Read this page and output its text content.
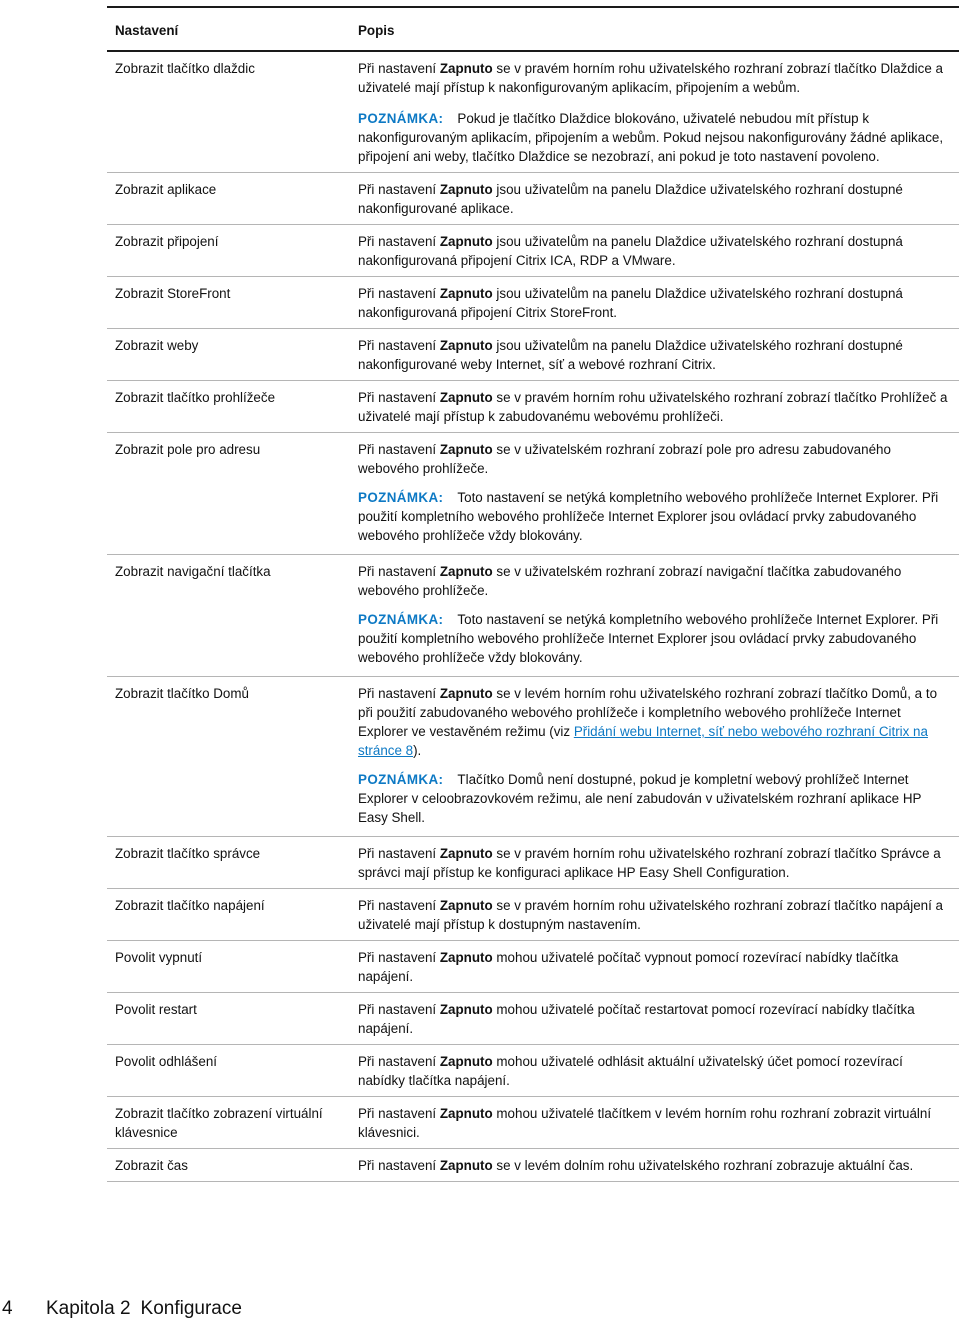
Nastavení	Popis
Zobrazit tlačítko dlaždic	Při nastavení Zapnuto se v pravém horním rohu uživatelského rozhraní zobrazí tlačítko Dlaždice a uživatelé mají přístup k nakonfigurovaným aplikacím, připojením a webům.

POZNÁMKA: Pokud je tlačítko Dlaždice blokováno, uživatelé nebudou mít přístup k nakonfigurovaným aplikacím, připojením a webům. Pokud nejsou nakonfigurovány žádné aplikace, připojení ani weby, tlačítko Dlaždice se nezobrazí, ani pokud je toto nastavení povoleno.

Zobrazit aplikace	Při nastavení Zapnuto jsou uživatelům na panelu Dlaždice uživatelského rozhraní dostupné nakonfigurované aplikace.

Zobrazit připojení	Při nastavení Zapnuto jsou uživatelům na panelu Dlaždice uživatelského rozhraní dostupná nakonfigurovaná připojení Citrix ICA, RDP a VMware.

Zobrazit StoreFront	Při nastavení Zapnuto jsou uživatelům na panelu Dlaždice uživatelského rozhraní dostupná nakonfigurovaná připojení Citrix StoreFront.

Zobrazit weby	Při nastavení Zapnuto jsou uživatelům na panelu Dlaždice uživatelského rozhraní dostupné nakonfigurované weby Internet, síť a webové rozhraní Citrix.

Zobrazit tlačítko prohlížeče	Při nastavení Zapnuto se v pravém horním rohu uživatelského rozhraní zobrazí tlačítko Prohlížeč a uživatelé mají přístup k zabudovanému webovému prohlížeči.

Zobrazit pole pro adresu	Při nastavení Zapnuto se v uživatelském rozhraní zobrazí pole pro adresu zabudovaného webového prohlížeče.

	POZNÁMKA: Toto nastavení se netýká kompletního webového prohlížeče Internet Explorer. Při použití kompletního webového prohlížeče Internet Explorer jsou ovládací prvky zabudovaného webového prohlížeče vždy blokovány.

Zobrazit navigační tlačítka	Při nastavení Zapnuto se v uživatelském rozhraní zobrazí navigační tlačítka zabudovaného webového prohlížeče.

	POZNÁMKA: Toto nastavení se netýká kompletního webového prohlížeče Internet Explorer. Při použití kompletního webového prohlížeče Internet Explorer jsou ovládací prvky zabudovaného webového prohlížeče vždy blokovány.

Zobrazit tlačítko Domů	Při nastavení Zapnuto se v levém horním rohu uživatelského rozhraní zobrazí tlačítko Domů, a to při použití zabudovaného webového prohlížeče i kompletního webového prohlížeče Internet Explorer ve vestavěném režimu (viz Přidání webu Internet, síť nebo webového rozhraní Citrix na stránce 8).

	POZNÁMKA: Tlačítko Domů není dostupné, pokud je kompletní webový prohlížeč Internet Explorer v celoobrazovkovém režimu, ale není zabudován v uživatelském rozhraní aplikace HP Easy Shell.

Zobrazit tlačítko správce	Při nastavení Zapnuto se v pravém horním rohu uživatelského rozhraní zobrazí tlačítko Správce a správci mají přístup ke konfiguraci aplikace HP Easy Shell Configuration.

Zobrazit tlačítko napájení	Při nastavení Zapnuto se v pravém horním rohu uživatelského rozhraní zobrazí tlačítko napájení a uživatelé mají přístup k dostupným nastavením.

Povolit vypnutí	Při nastavení Zapnuto mohou uživatelé počítač vypnout pomocí rozevírací nabídky tlačítka napájení.

Povolit restart	Při nastavení Zapnuto mohou uživatelé počítač restartovat pomocí rozevírací nabídky tlačítka napájení.

Povolit odhlášení	Při nastavení Zapnuto mohou uživatelé odhlásit aktuální uživatelský účet pomocí rozevírací nabídky tlačítka napájení.

Zobrazit tlačítko zobrazení virtuální klávesnice	Při nastavení Zapnuto mohou uživatelé tlačítkem v levém horním rohu rozhraní zobrazit virtuální klávesnici.

Zobrazit čas	Při nastavení Zapnuto se v levém dolním rohu uživatelského rozhraní zobrazuje aktuální čas.

4 Kapitola 2 Konfigurace
